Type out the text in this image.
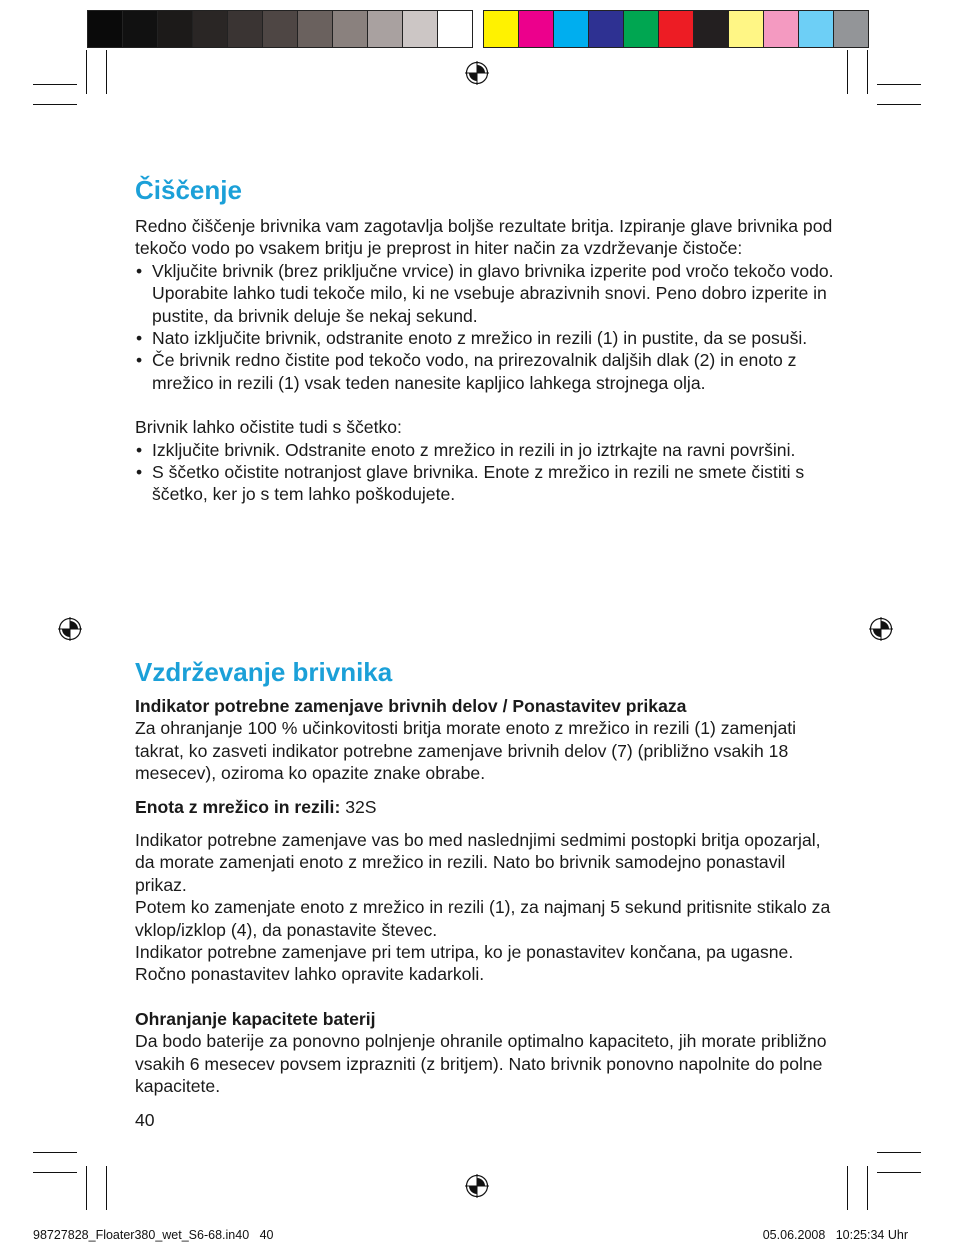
Čiščenje

Redno čiščenje brivnika vam zagotavlja boljše rezultate britja. Izpiranje glave brivnika pod tekočo vodo po vsakem britju je preprost in hiter način za vzdrževanje čistoče:

• Vključite brivnik (brez priključne vrvice) in glavo brivnika izperite pod vročo tekočo vodo. Uporabite lahko tudi tekoče milo, ki ne vsebuje abrazivnih snovi. Peno dobro izperite in pustite, da brivnik deluje še nekaj sekund.
• Nato izključite brivnik, odstranite enoto z mrežico in rezili (1) in pustite, da se posuši.
• Če brivnik redno čistite pod tekočo vodo, na prirezovalnik daljših dlak (2) in enoto z mrežico in rezili (1) vsak teden nanesite kapljico lahkega strojnega olja.

Brivnik lahko očistite tudi s ščetko:

• Izključite brivnik. Odstranite enoto z mrežico in rezili in jo iztrkajte na ravni površini.
• S ščetko očistite notranjost glave brivnika. Enote z mrežico in rezili ne smete čistiti s ščetko, ker jo s tem lahko poškodujete.
Vzdrževanje brivnika

Indikator potrebne zamenjave brivnih delov / Ponastavitev prikaza

Za ohranjanje 100 % učinkovitosti britja morate enoto z mrežico in rezili (1) zamenjati takrat, ko zasveti indikator potrebne zamenjave brivnih delov (7) (približno vsakih 18 mesecev), oziroma ko opazite znake obrabe.

Enota z mrežico in rezili: 32S

Indikator potrebne zamenjave vas bo med naslednjimi sedmimi postopki britja opozarjal, da morate zamenjati enoto z mrežico in rezili. Nato bo brivnik samodejno ponastavil prikaz.

Potem ko zamenjate enoto z mrežico in rezili (1), za najmanj 5 sekund pritisnite stikalo za vklop/izklop (4), da ponastavite števec.

Indikator potrebne zamenjave pri tem utripa, ko je ponastavitev končana, pa ugasne. Ročno ponastavitev lahko opravite kadarkoli.

Ohranjanje kapacitete baterij

Da bodo baterije za ponovno polnjenje ohranile optimalno kapaciteto, jih morate približno vsakih 6 mesecev povsem izprazniti (z britjem). Nato brivnik ponovno napolnite do polne kapacitete.

40
98727828_Floater380_wet_S6-68.in40   40	05.06.2008   10:25:34 Uhr
